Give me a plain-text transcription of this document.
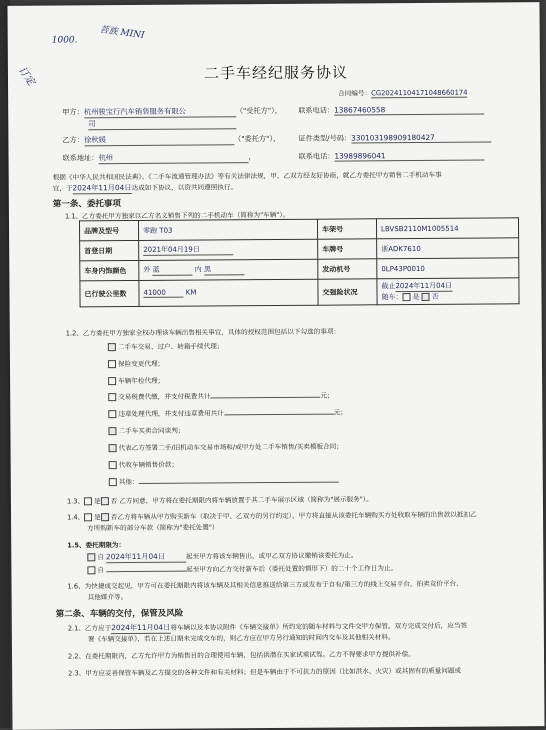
1000. 菩族 MINI
订定	二手车经纪服务协议
合同编号：CG20241104171048660174
甲方：杭州骏宝行汽车销售服务有限公	（"受托方"），
司
联系电话：13867460558
乙方：徐秋媛	（"委托方"），	证件类型/号码：330103198909180427
联系地址：杭州	，	联系电话：13989896041
根据《中华人民共和国民法典》、《二手车流通管理办法》等有关法律法规，甲、乙双方经友好协商，就乙方委托甲方销售二手机动车事
宜，于2024年11月04日达成如下协议，以资共同遵照执行。
第一条、委托事项
1.1、乙方委托甲方独家以乙方名义销售下列的二手机动车（简称为"车辆"）。
品牌及型号	零跑 T03	车架号	LBVSB2110M1005514
首登日期	2021年04月19日	车牌号	浙ADK7610
车身内饰颜色	外 蓝 内 黑	发动机号	0LP43P0010
已行驶公里数	41000 KM	交强险状况	截止2024年11月04日
随车： 是 否
1.2、乙方委托甲方独家全权办理该车辆出售相关事宜，具体的授权范围包括以下勾选的事项：
二手车交易、过户、转籍手续代理；
保险变更代理；
车辆年检代理；
交易税费代缴，并支付税费共计	元；
违章处理代理，并支付违章费用共计	元；
二手车买卖合同谈判；
代表乙方签署二手/旧机动车交易市场和/或甲方处二手车销售/买卖模板合同；
代收车辆销售价款；
其他：
1.3、 是 否 乙方同意，甲方将在委托期限内将车辆放置于其二手车展示区域（简称为"展示服务"）。
1.4、 是 否乙方将车辆从甲方购买新车（取决于甲、乙双方的另行约定），甲方将直接从该委托车辆购买方处收取车辆的出售款以抵扣乙
方所购新车的部分车款（简称为"委托处置"）
1.5、委托期限为：
自 2024年11月04日	起至甲方将该车辆售出，或甲乙双方协议撤销该委托为止。
自	起至甲方向乙方交付新车后（委托处置的情形下）的二十个工作日为止。
1.6、为快捷成交起见，甲方可在委托期限内将该车辆及其相关信息推送给第三方或发布于自有/第三方的线上交易平台、拍卖竞价平台、
其他媒介等。
第二条、车辆的交付，保管及风险
2.1、乙方应于2024年11月04日将车辆以及本协议附件《车辆交接单》所约定的随车材料与文件交甲方保管。双方完成交付后，应当签
署《车辆交接单》，若在上述日期未完成交车的，则乙方应在甲方另行通知的时间内交车及其他相关材料。
2.2、在委托期限内，乙方允许甲方为销售目的合理使用车辆，包括供潜在买家试乘试驾。乙方不得要求甲方提供补偿。
2.3、甲方应妥善保管车辆及乙方提交的各种文件和有关材料；但是车辆由于不可抗力的原因（比如洪水、火灾）或其固有的质量问题或
